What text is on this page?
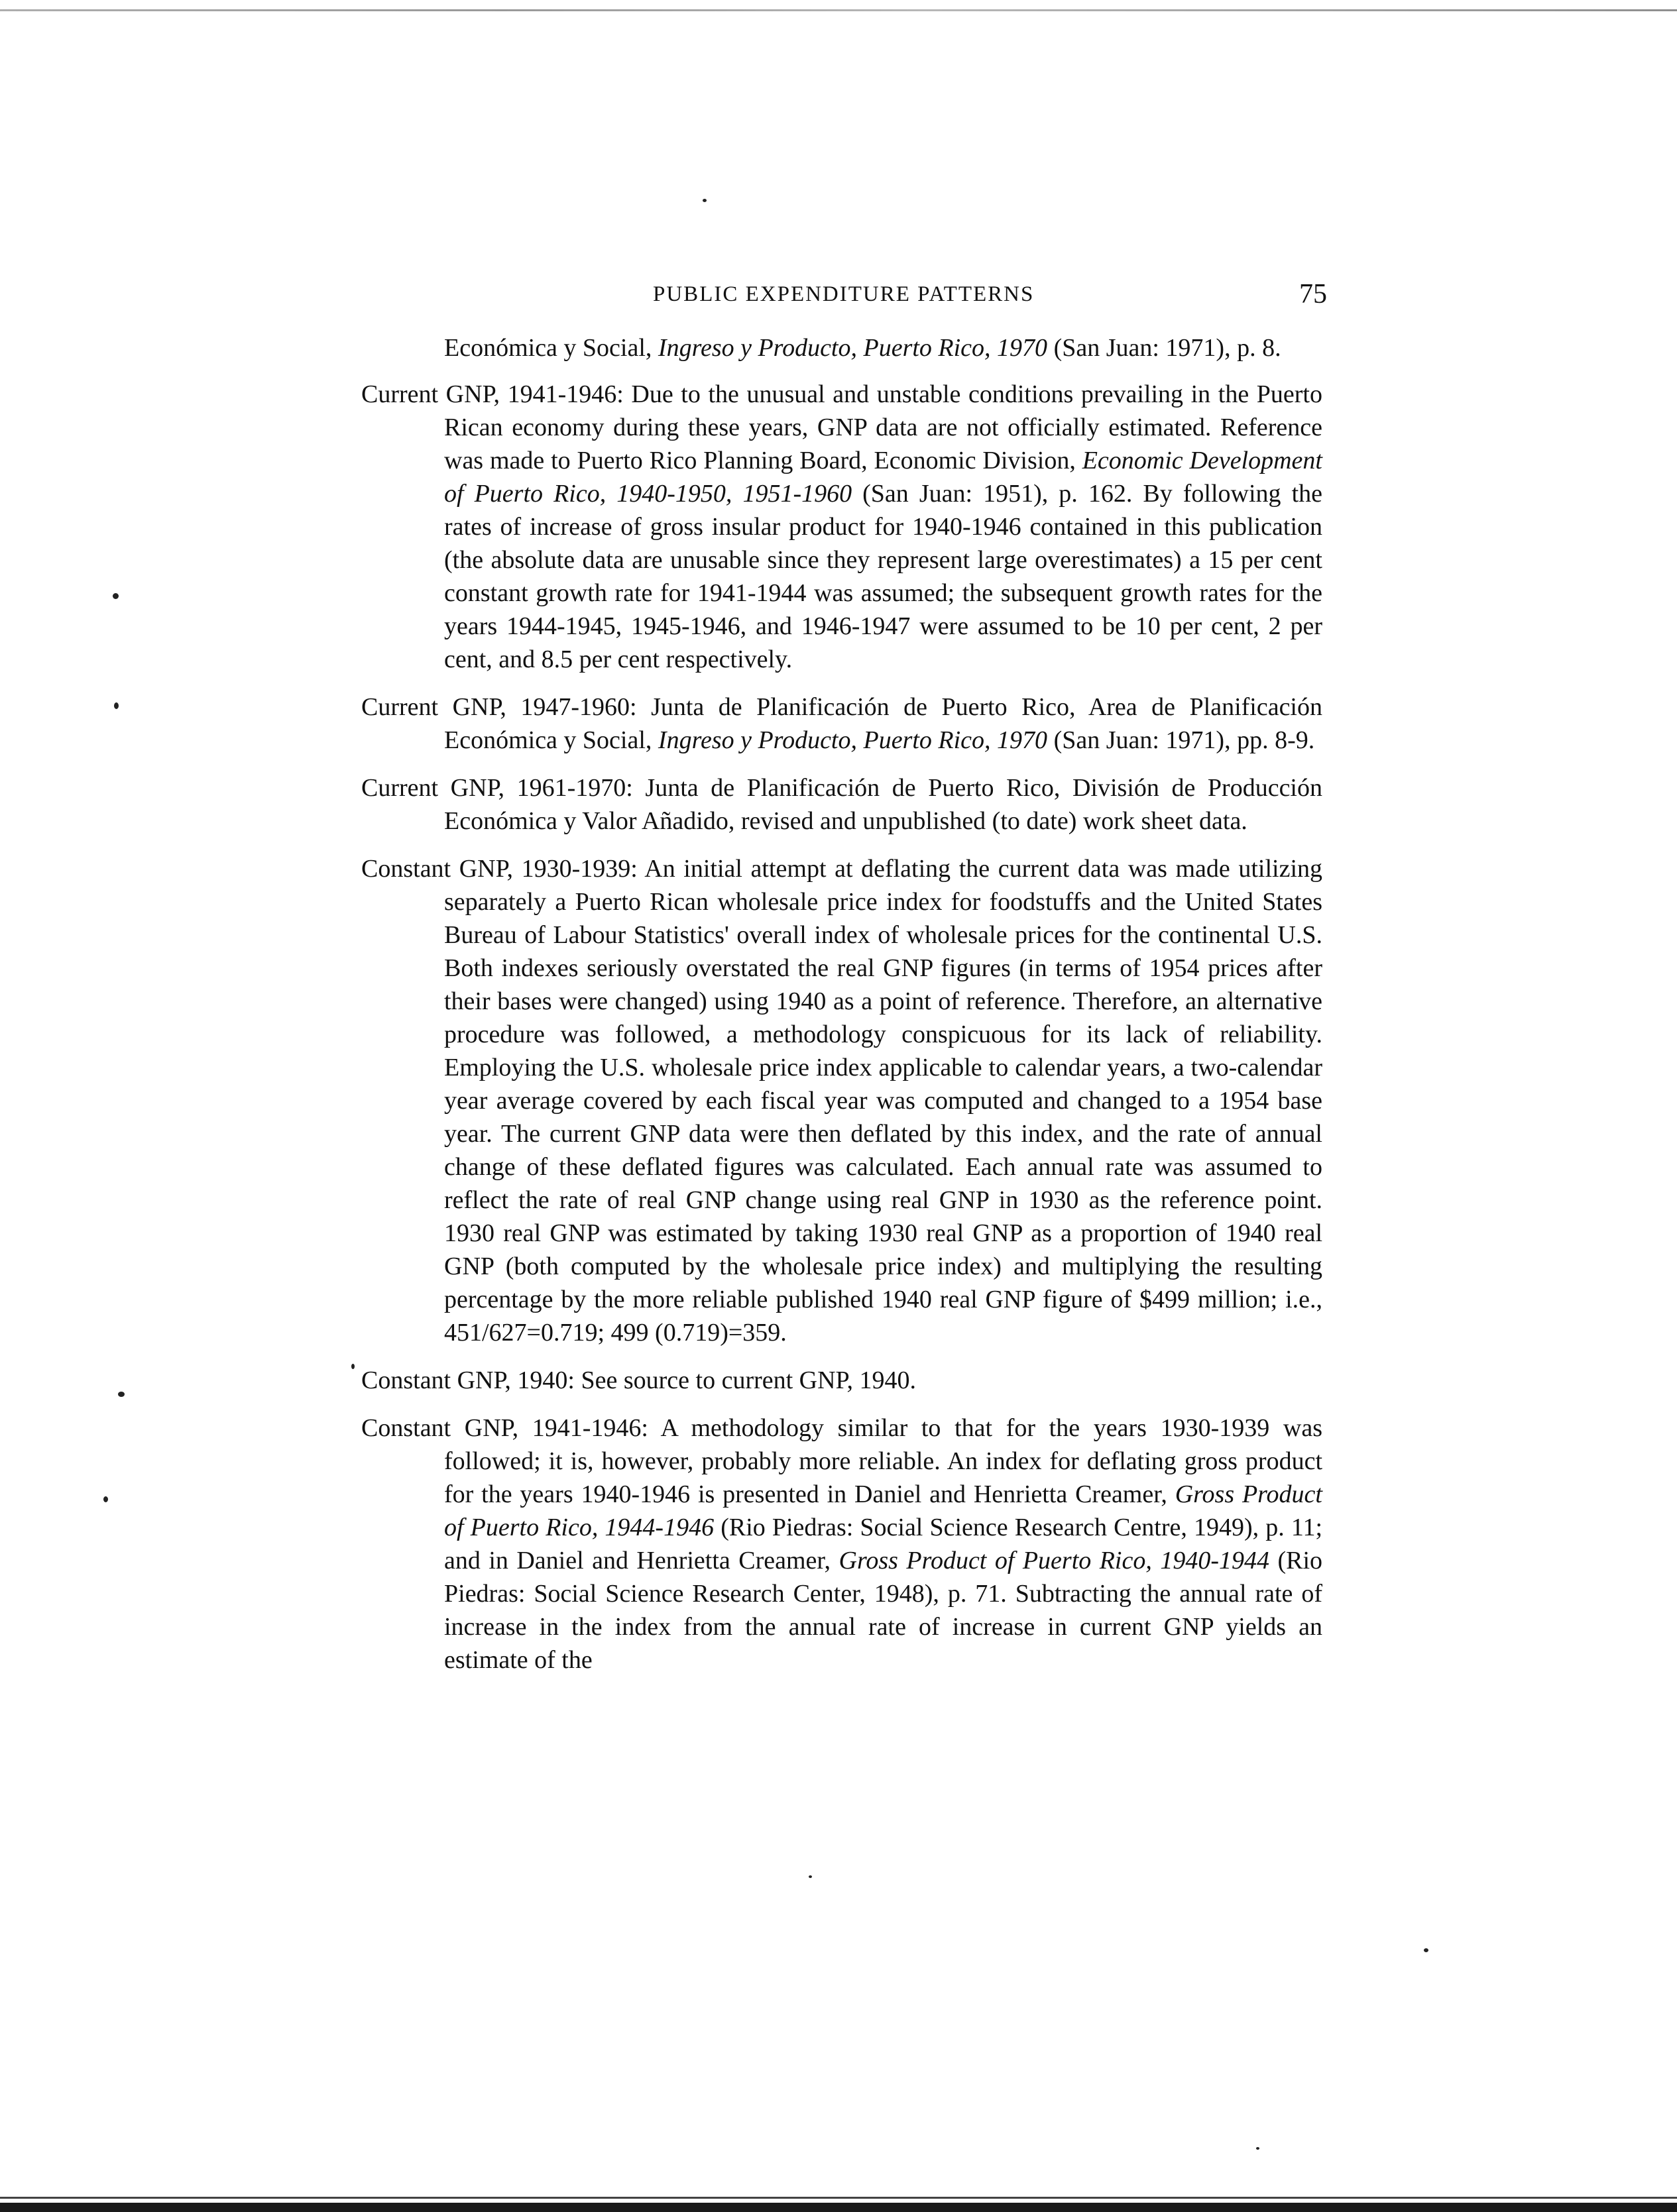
PUBLIC EXPENDITURE PATTERNS	75

Económica y Social, Ingreso y Producto, Puerto Rico, 1970 (San Juan: 1971), p. 8.

Current GNP, 1941-1946: Due to the unusual and unstable conditions prevailing in the Puerto Rican economy during these years, GNP data are not officially estimated. Reference was made to Puerto Rico Planning Board, Economic Division, Economic Development of Puerto Rico, 1940-1950, 1951-1960 (San Juan: 1951), p. 162. By following the rates of increase of gross insular product for 1940-1946 contained in this publication (the absolute data are unusable since they represent large overestimates) a 15 per cent constant growth rate for 1941-1944 was assumed; the subsequent growth rates for the years 1944-1945, 1945-1946, and 1946-1947 were assumed to be 10 per cent, 2 per cent, and 8.5 per cent respectively.

Current GNP, 1947-1960: Junta de Planificación de Puerto Rico, Area de Planificación Económica y Social, Ingreso y Producto, Puerto Rico, 1970 (San Juan: 1971), pp. 8-9.

Current GNP, 1961-1970: Junta de Planificación de Puerto Rico, División de Producción Económica y Valor Añadido, revised and unpublished (to date) work sheet data.

Constant GNP, 1930-1939: An initial attempt at deflating the current data was made utilizing separately a Puerto Rican wholesale price index for foodstuffs and the United States Bureau of Labour Statistics' overall index of wholesale prices for the continental U.S. Both indexes seriously overstated the real GNP figures (in terms of 1954 prices after their bases were changed) using 1940 as a point of reference. Therefore, an alternative procedure was followed, a methodology conspicuous for its lack of reliability. Employing the U.S. wholesale price index applicable to calendar years, a two-calendar year average covered by each fiscal year was computed and changed to a 1954 base year. The current GNP data were then deflated by this index, and the rate of annual change of these deflated figures was calculated. Each annual rate was assumed to reflect the rate of real GNP change using real GNP in 1930 as the reference point. 1930 real GNP was estimated by taking 1930 real GNP as a proportion of 1940 real GNP (both computed by the wholesale price index) and multiplying the resulting percentage by the more reliable published 1940 real GNP figure of $499 million; i.e., 451/627=0.719; 499 (0.719)=359.

Constant GNP, 1940: See source to current GNP, 1940.

Constant GNP, 1941-1946: A methodology similar to that for the years 1930-1939 was followed; it is, however, probably more reliable. An index for deflating gross product for the years 1940-1946 is presented in Daniel and Henrietta Creamer, Gross Product of Puerto Rico, 1944-1946 (Rio Piedras: Social Science Research Centre, 1949), p. 11; and in Daniel and Henrietta Creamer, Gross Product of Puerto Rico, 1940-1944 (Rio Piedras: Social Science Research Center, 1948), p. 71. Subtracting the annual rate of increase in the index from the annual rate of increase in current GNP yields an estimate of the
